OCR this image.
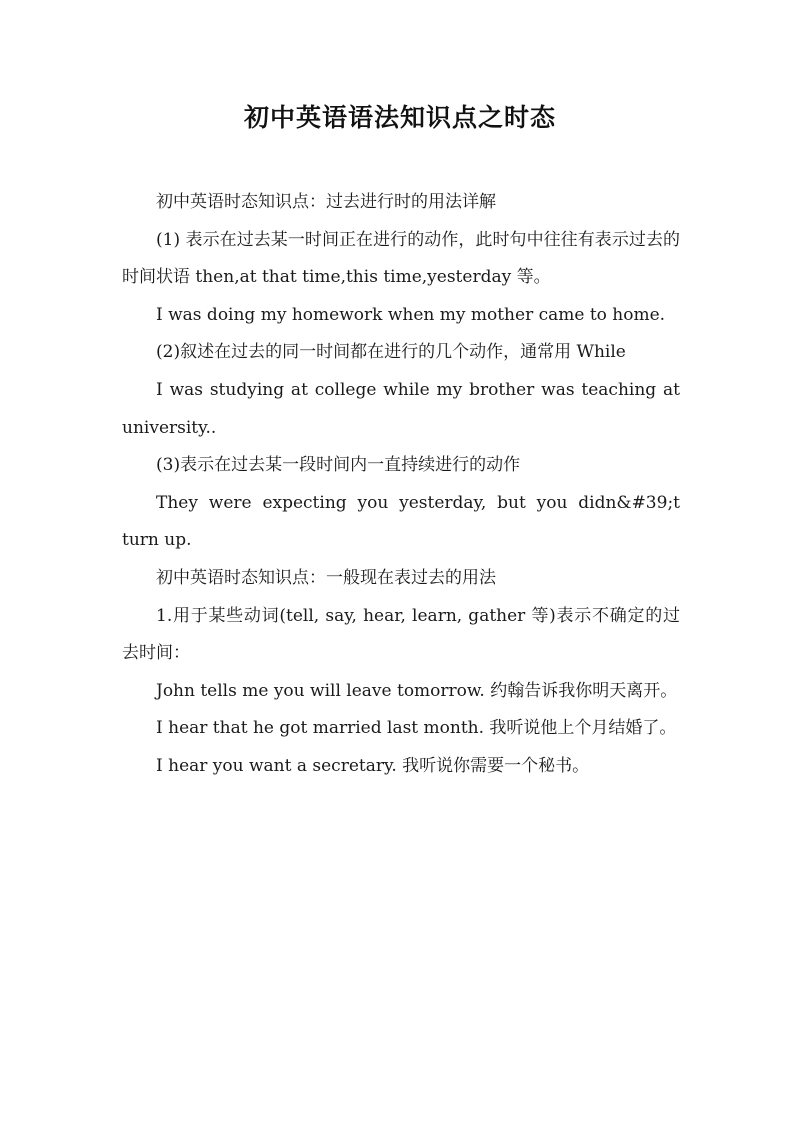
初中英语语法知识点之时态

初中英语时态知识点：过去进行时的用法详解

(1) 表示在过去某一时间正在进行的动作，此时句中往往有表示过去的时间状语 then,at that time,this time,yesterday 等。

I was doing my homework when my mother came to home.

(2)叙述在过去的同一时间都在进行的几个动作，通常用 While

I was studying at college while my brother was teaching at university..

(3)表示在过去某一段时间内一直持续进行的动作

They were expecting you yesterday, but you didn&#39;t turn up.

初中英语时态知识点：一般现在表过去的用法

1.用于某些动词(tell, say, hear, learn, gather 等)表示不确定的过去时间：

John tells me you will leave tomorrow. 约翰告诉我你明天离开。

I hear that he got married last month. 我听说他上个月结婚了。

I hear you want a secretary. 我听说你需要一个秘书。
